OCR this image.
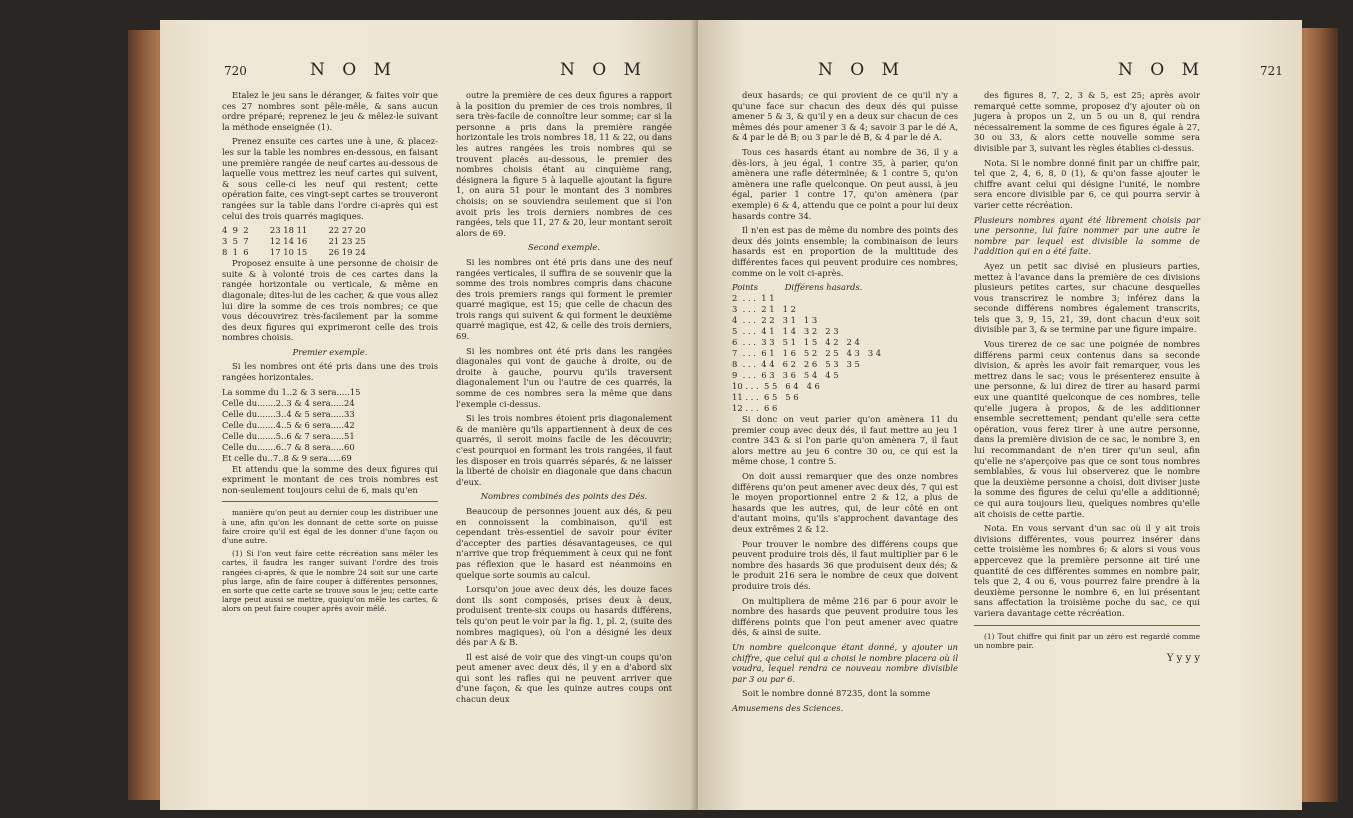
720	N O M	N O M

Etalez le jeu sans le déranger, & faites voir que ces 27 nombres sont pêle-mêle, & sans aucun ordre préparé; reprenez le jeu & mêlez-le suivant la méthode enseignée (1).

Prenez ensuite ces cartes une à une, & placez-les sur la table les nombres en-dessous, en faisant une première rangée de neuf cartes au-dessous de laquelle vous mettrez les neuf cartes qui suivent, & sous celle-ci les neuf qui restent; cette opération faite, ces vingt-sept cartes se trouveront rangées sur la table dans l'ordre ci-après qui est celui des trois quarrés magiques.

4  9  2        23 18 11        22 27 20
3  5  7        12 14 16        21 23 25
8  1  6        17 10 15        26 19 24

Proposez ensuite à une personne de choisir de suite & à volonté trois de ces cartes dans la rangée horizontale ou verticale, & même en diagonale; dites-lui de les cacher, & que vous allez lui dire la somme de ces trois nombres; ce que vous découvrirez très-facilement par la somme des deux figures qui exprimeront celle des trois nombres choisis.

Premier exemple.

Si les nombres ont été pris dans une des trois rangées horizontales.

La somme du 1..2 & 3 sera.....15
Celle du.......2..3 & 4 sera.....24
Celle du.......3..4 & 5 sera.....33
Celle du.......4..5 & 6 sera.....42
Celle du.......5..6 & 7 sera.....51
Celle du.......6..7 & 8 sera.....60
Et celle du..7..8 & 9 sera.....69

Et attendu que la somme des deux figures qui expriment le montant de ces trois nombres est non-seulement toujours celui de 6, mais qu'en

manière qu'on peut au dernier coup les distribuer une à une, afin qu'on les donnant de cette sorte on puisse faire croire qu'il est égal de les donner d'une façon ou d'une autre.

(1) Si l'on veut faire cette récréation sans mêler les cartes, il faudra les ranger suivant l'ordre des trois rangées ci-après, & que le nombre 24 soit sur une carte plus large, afin de faire couper à différentes personnes, en sorte que cette carte se trouve sous le jeu; cette carte large peut aussi se mettre, quoiqu'on mêle les cartes, & alors on peut faire couper après avoir mêlé.

outre la première de ces deux figures a rapport à la position du premier de ces trois nombres, il sera très-facile de connoître leur somme; car si la personne a pris dans la première rangée horizontale les trois nombres 18, 11 & 22, ou dans les autres rangées les trois nombres qui se trouvent placés au-dessous, le premier des nombres choisis étant au cinquième rang, désignera la figure 5 à laquelle ajoutant la figure 1, on aura 51 pour le montant des 3 nombres choisis; on se souviendra seulement que si l'on avoit pris les trois derniers nombres de ces rangées, tels que 11, 27 & 20, leur montant seroit alors de 69.

Second exemple.

Si les nombres ont été pris dans une des neuf rangées verticales, il suffira de se souvenir que la somme des trois nombres compris dans chacune des trois premiers rangs qui forment le premier quarré magique, est 15; que celle de chacun des trois rangs qui suivent & qui forment le deuxième quarré magique, est 42, & celle des trois derniers, 69.

Si les nombres ont été pris dans les rangées diagonales qui vont de gauche à droite, ou de droite à gauche, pourvu qu'ils traversent diagonalement l'un ou l'autre de ces quarrés, la somme de ces nombres sera la même que dans l'exemple ci-dessus.

Si les trois nombres étoient pris diagonalement & de manière qu'ils appartiennent à deux de ces quarrés, il seroit moins facile de les découvrir; c'est pourquoi en formant les trois rangées, il faut les disposer en trois quarrés séparés, & ne laisser la liberté de choisir en diagonale que dans chacun d'eux.

Nombres combinés des points des Dés.

Beaucoup de personnes jouent aux dés, & peu en connoissent la combinaison, qu'il est cependant très-essentiel de savoir pour éviter d'accepter des parties désavantageuses, ce qui n'arrive que trop fréquemment à ceux qui ne font pas réflexion que le hasard est néanmoins en quelque sorte soumis au calcul.

Lorsqu'on joue avec deux dés, les douze faces dont ils sont composés, prises deux à deux, produisent trente-six coups ou hasards différens, tels qu'on peut le voir par la fig. 1, pl. 2, (suite des nombres magiques), où l'on a désigné les deux dés par A & B.

Il est aisé de voir que des vingt-un coups qu'on peut amener avec deux dés, il y en a d'abord six qui sont les rafles qui ne peuvent arriver que d'une façon, & que les quinze autres coups ont chacun deux

N O M	N O M	721

deux hasards; ce qui provient de ce qu'il n'y a qu'une face sur chacun des deux dés qui puisse amener 5 & 3, & qu'il y en a deux sur chacun de ces mêmes dés pour amener 3 & 4; savoir 3 par le dé A, & 4 par le dé B; ou 3 par le dé B, & 4 par le dé A.

Tous ces hasards étant au nombre de 36, il y a dès-lors, à jeu égal, 1 contre 35, à parier, qu'on amènera une rafle déterminée; & 1 contre 5, qu'on amènera une rafle quelconque. On peut aussi, à jeu égal, parier 1 contre 17, qu'on amènera (par exemple) 6 & 4, attendu que ce point a pour lui deux hasards contre 34.

Il n'en est pas de même du nombre des points des deux dés joints ensemble; la combinaison de leurs hasards est en proportion de la multitude des différentes faces qui peuvent produire ces nombres, comme on le voit ci-après.

Points	Différens hasards.
2  . . .  1 1
3  . . .  2 1   1 2
4  . . .  2 2   3 1   1 3
5  . . .  4 1   1 4   3 2   2 3
6  . . .  3 3   5 1   1 5   4 2   2 4
7  . . .  6 1   1 6   5 2   2 5   4 3   3 4
8  . . .  4 4   6 2   2 6   5 3   3 5
9  . . .  6 3   3 6   5 4   4 5
10 . . .  5 5   6 4   4 6
11 . . .  6 5   5 6
12 . . .  6 6

Si donc on veut parier qu'on amènera 11 du premier coup avec deux dés, il faut mettre au jeu 1 contre 343 & si l'on parie qu'on amènera 7, il faut alors mettre au jeu 6 contre 30 ou, ce qui est la même chose, 1 contre 5.

On doit aussi remarquer que des onze nombres différens qu'on peut amener avec deux dés, 7 qui est le moyen proportionnel entre 2 & 12, a plus de hasards que les autres, qui, de leur côté en ont d'autant moins, qu'ils s'approchent davantage des deux extrêmes 2 & 12.

Pour trouver le nombre des différens coups que peuvent produire trois dés, il faut multiplier par 6 le nombre des hasards 36 que produisent deux dés; & le produit 216 sera le nombre de ceux que doivent produire trois dés.

On multipliera de même 216 par 6 pour avoir le nombre des hasards que peuvent produire tous les différens points que l'on peut amener avec quatre dés, & ainsi de suite.

Un nombre quelconque étant donné, y ajouter un chiffre, que celui qui a choisi le nombre placera où il voudra, lequel rendra ce nouveau nombre divisible par 3 ou par 6.

Soit le nombre donné 87235, dont la somme

Amusemens des Sciences.

des figures 8, 7, 2, 3 & 5, est 25; après avoir remarqué cette somme, proposez d'y ajouter où on jugera à propos un 2, un 5 ou un 8, qui rendra nécessairement la somme de ces figures égale à 27, 30 ou 33, & alors cette nouvelle somme sera divisible par 3, suivant les règles établies ci-dessus.

Nota. Si le nombre donné finit par un chiffre pair, tel que 2, 4, 6, 8, 0 (1), & qu'on fasse ajouter le chiffre avant celui qui désigne l'unité, le nombre sera encore divisible par 6, ce qui pourra servir à varier cette récréation.

Plusieurs nombres ayant été librement choisis par une personne, lui faire nommer par une autre le nombre par lequel est divisible la somme de l'addition qui en a été faite.

Ayez un petit sac divisé en plusieurs parties, mettez à l'avance dans la première de ces divisions plusieurs petites cartes, sur chacune desquelles vous transcrirez le nombre 3; inférez dans la seconde différens nombres également transcrits, tels que 3, 9, 15, 21, 39, dont chacun d'eux soit divisible par 3, & se termine par une figure impaire.

Vous tirerez de ce sac une poignée de nombres différens parmi ceux contenus dans sa seconde division, & après les avoir fait remarquer, vous les mettrez dans le sac; vous le présenterez ensuite à une personne, & lui direz de tirer au hasard parmi eux une quantité quelconque de ces nombres, telle qu'elle jugera à propos, & de les additionner ensemble secrettement; pendant qu'elle sera cette opération, vous ferez tirer à une autre personne, dans la première division de ce sac, le nombre 3, en lui recommandant de n'en tirer qu'un seul, afin qu'elle ne s'aperçoive pas que ce sont tous nombres semblables, & vous lui observerez que le nombre que la deuxième personne a choisi, doit diviser juste la somme des figures de celui qu'elle a additionné; ce qui aura toujours lieu, quelques nombres qu'elle ait choisis de cette partie.

Nota. En vous servant d'un sac où il y ait trois divisions différentes, vous pourrez insérer dans cette troisième les nombres 6; & alors si vous vous appercevez que la première personne ait tiré une quantité de ces différentes sommes en nombre pair, tels que 2, 4 ou 6, vous pourrez faire prendre à la deuxième personne le nombre 6, en lui présentant sans affectation la troisième poche du sac, ce qui variera davantage cette récréation.

(1) Tout chiffre qui finit par un zéro est regardé comme un nombre pair.

Y y y y
